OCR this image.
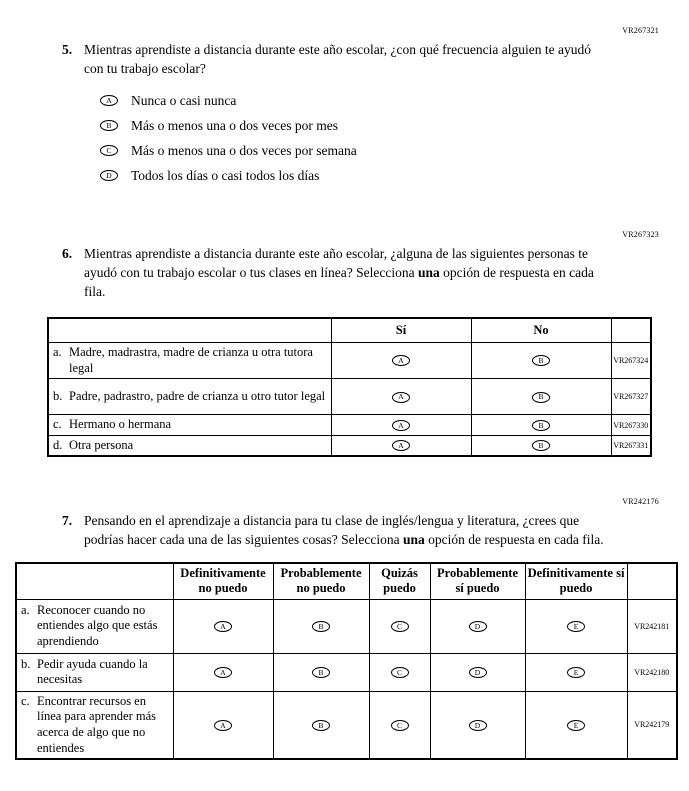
VR267321
5. Mientras aprendiste a distancia durante este año escolar, ¿con qué frecuencia alguien te ayudó con tu trabajo escolar?
A	Nunca o casi nunca
B	Más o menos una o dos veces por mes
C	Más o menos una o dos veces por semana
D	Todos los días o casi todos los días
VR267323
6. Mientras aprendiste a distancia durante este año escolar, ¿alguna de las siguientes personas te ayudó con tu trabajo escolar o tus clases en línea? Selecciona una opción de respuesta en cada fila.
	Sí	No	

a. Madre, madrastra, madre de crianza u otra tutora legal	A	B	VR267324

b. Padre, padrastro, padre de crianza u otro tutor legal	A	B	VR267327

c. Hermano o hermana	A	B	VR267330

d. Otra persona	A	B	VR267331
VR242176
7. Pensando en el aprendizaje a distancia para tu clase de inglés/lengua y literatura, ¿crees que podrías hacer cada una de las siguientes cosas? Selecciona una opción de respuesta en cada fila.
	Definitivamente no puedo	Probablemente no puedo	Quizás puedo	Probablemente sí puedo	Definitivamente sí puedo	

a. Reconocer cuando no entiendes algo que estás aprendiendo	A	B	C	D	E	VR242181

b. Pedir ayuda cuando la necesitas	A	B	C	D	E	VR242180

c. Encontrar recursos en línea para aprender más acerca de algo que no entiendes	A	B	C	D	E	VR242179
